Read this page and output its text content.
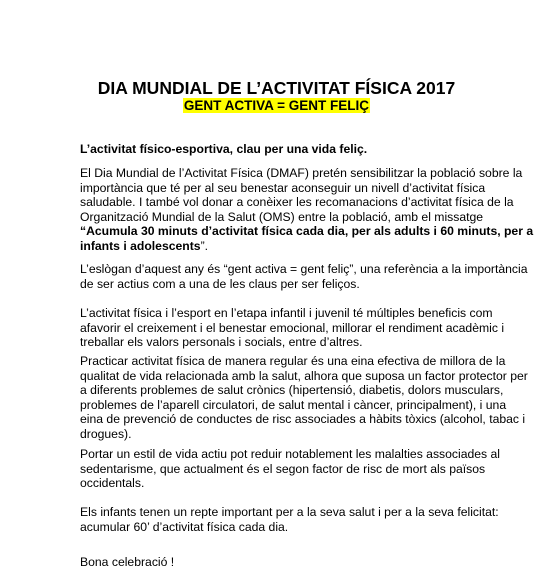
DIA MUNDIAL DE L’ACTIVITAT FÍSICA 2017
GENT ACTIVA = GENT FELIÇ
L’activitat físico-esportiva, clau per una vida feliç.
El Dia Mundial de l’Activitat Física (DMAF) pretén sensibilitzar la població sobre la
importància que té per al seu benestar aconseguir un nivell d’activitat física
saludable. I també vol donar a conèixer les recomanacions d’activitat física de la
Organització Mundial de la Salut (OMS) entre la població, amb el missatge
“Acumula 30 minuts d’activitat física cada dia, per als adults i 60 minuts, per a
infants i adolescents”.
L’eslògan d’aquest any és “gent activa = gent feliç”, una referència a la importància
de ser actius com a una de les claus per ser feliços.
L’activitat física i l’esport en l’etapa infantil i juvenil té múltiples beneficis com
afavorir el creixement i el benestar emocional, millorar el rendiment acadèmic i
treballar els valors personals i socials, entre d’altres.
Practicar activitat física de manera regular és una eina efectiva de millora de la
qualitat de vida relacionada amb la salut, alhora que suposa un factor protector per
a diferents problemes de salut crònics (hipertensió, diabetis, dolors musculars,
problemes de l’aparell circulatori, de salut mental i càncer, principalment), i una
eina de prevenció de conductes de risc associades a hàbits tòxics (alcohol, tabac i
drogues).
Portar un estil de vida actiu pot reduir notablement les malalties associades al
sedentarisme, que actualment és el segon factor de risc de mort als països
occidentals.
Els infants tenen un repte important per a la seva salut i per a la seva felicitat:
acumular 60’ d’activitat física cada dia.
Bona celebració !
